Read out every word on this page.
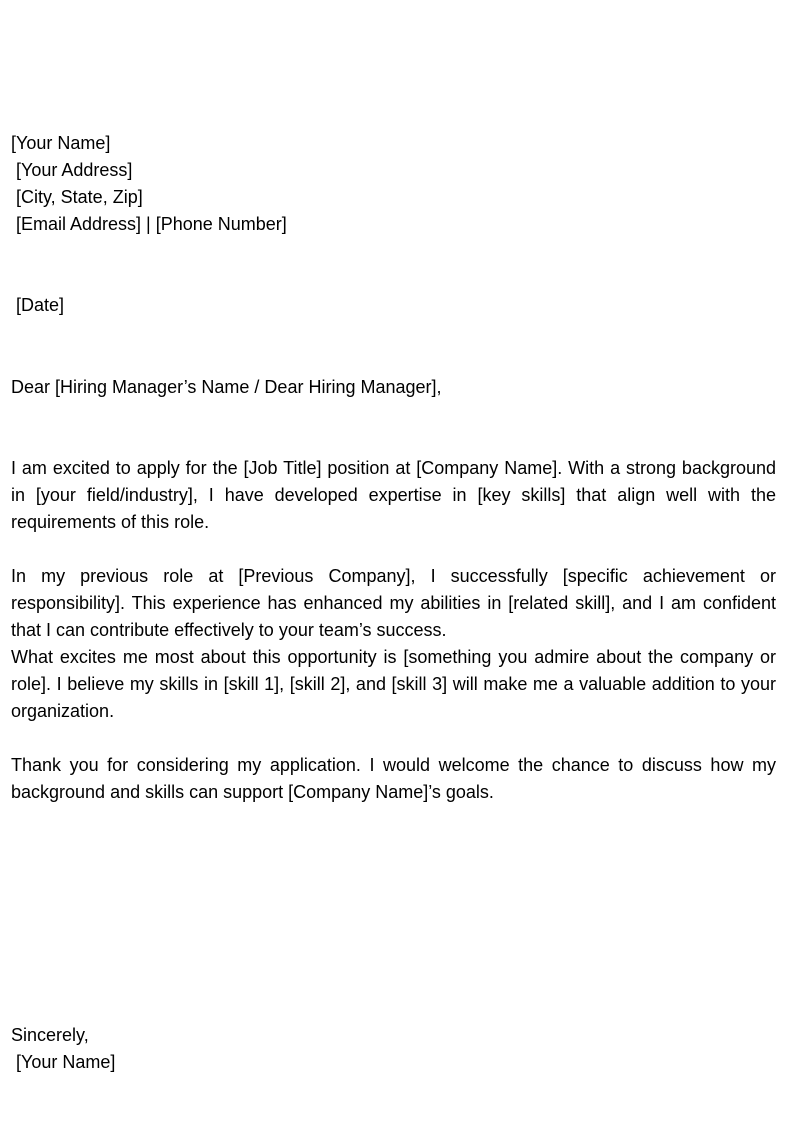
[Your Name]
[Your Address]
[City, State, Zip]
[Email Address] | [Phone Number]
[Date]
Dear [Hiring Manager’s Name / Dear Hiring Manager],
I am excited to apply for the [Job Title] position at [Company Name]. With a strong background in [your field/industry], I have developed expertise in [key skills] that align well with the requirements of this role.
In my previous role at [Previous Company], I successfully [specific achievement or responsibility]. This experience has enhanced my abilities in [related skill], and I am confident that I can contribute effectively to your team’s success.
What excites me most about this opportunity is [something you admire about the company or role]. I believe my skills in [skill 1], [skill 2], and [skill 3] will make me a valuable addition to your organization.
Thank you for considering my application. I would welcome the chance to discuss how my background and skills can support [Company Name]’s goals.
Sincerely,
[Your Name]
